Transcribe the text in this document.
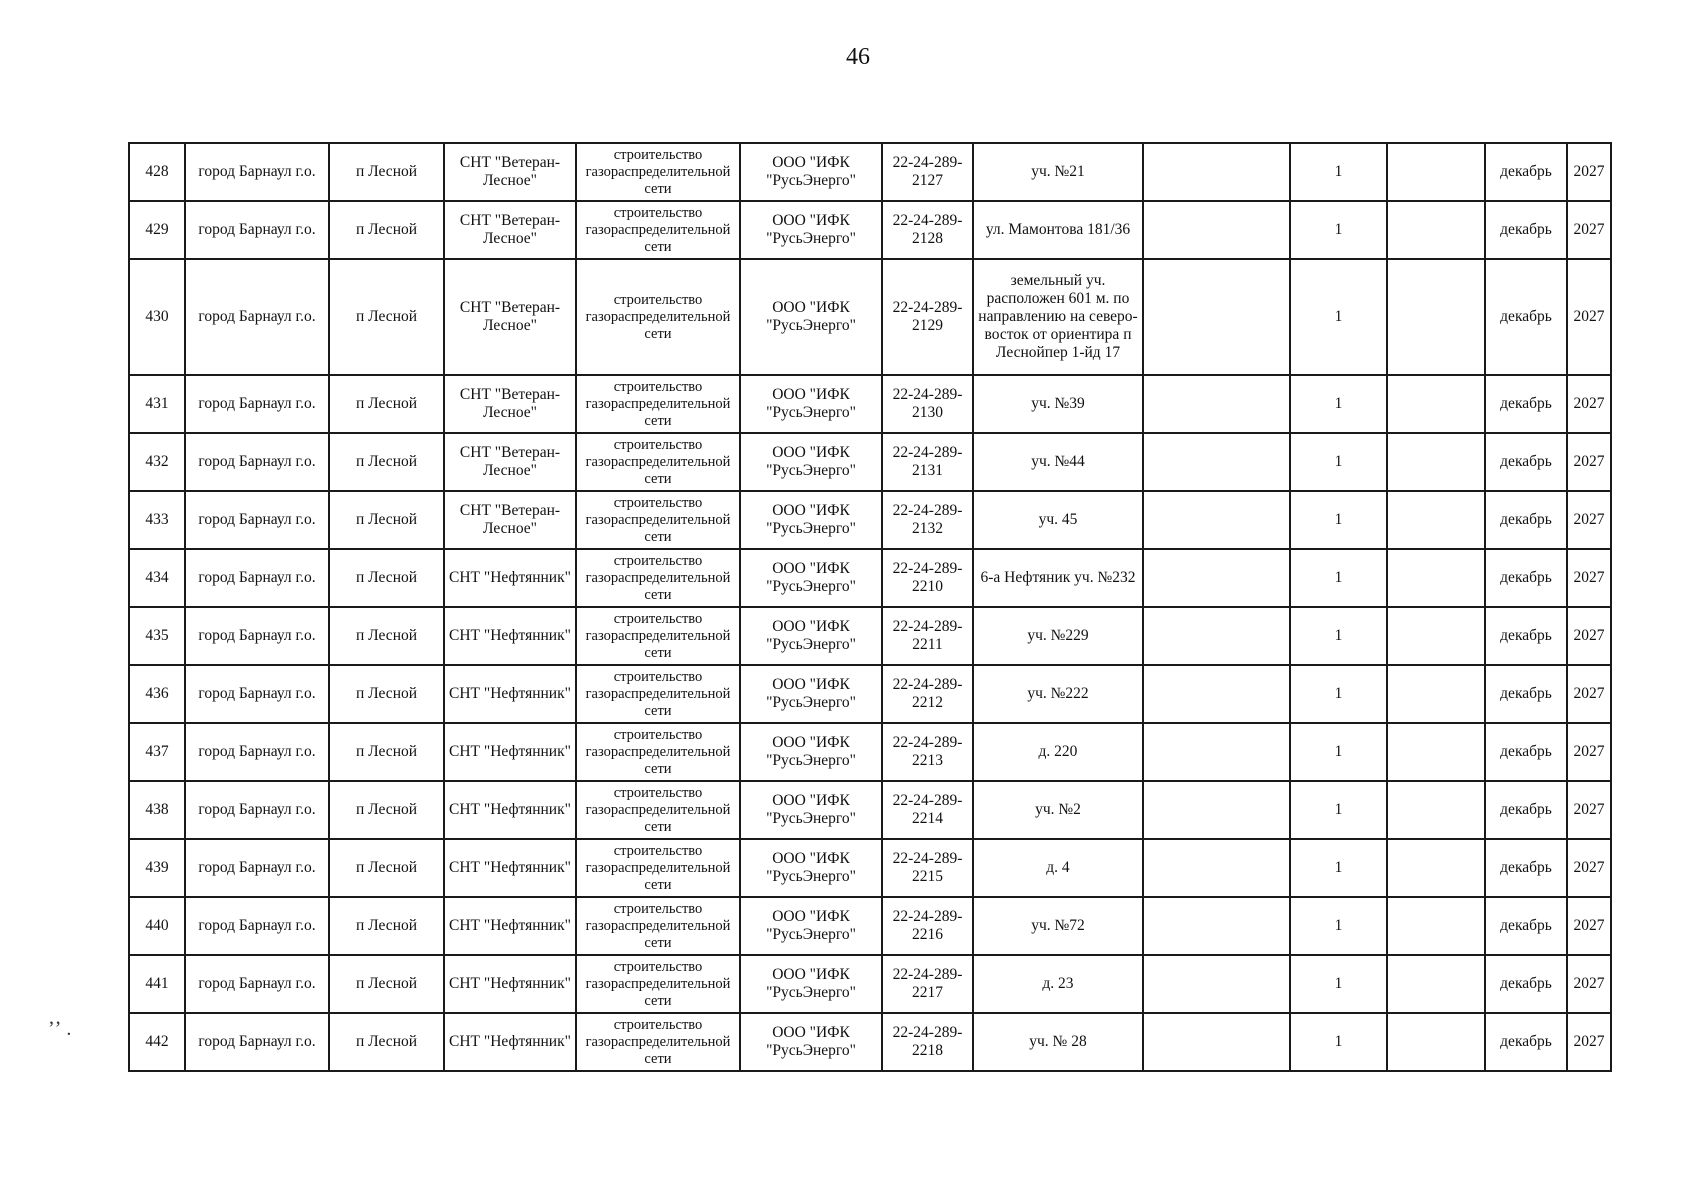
46
428	город Барнаул г.о.	п Лесной	СНТ "Ветеран-Лесное"	строительство газораспределительной сети	ООО "ИФК "РусьЭнерго"	22-24-289-2127	уч. №21		1		декабрь	2027
429	город Барнаул г.о.	п Лесной	СНТ "Ветеран-Лесное"	строительство газораспределительной сети	ООО "ИФК "РусьЭнерго"	22-24-289-2128	ул. Мамонтова 181/36		1		декабрь	2027
430	город Барнаул г.о.	п Лесной	СНТ "Ветеран-Лесное"	строительство газораспределительной сети	ООО "ИФК "РусьЭнерго"	22-24-289-2129	земельный уч. расположен 601 м. по направлению на северо-восток от ориентира п Леснойпер 1-йд 17		1		декабрь	2027
431	город Барнаул г.о.	п Лесной	СНТ "Ветеран-Лесное"	строительство газораспределительной сети	ООО "ИФК "РусьЭнерго"	22-24-289-2130	уч. №39		1		декабрь	2027
432	город Барнаул г.о.	п Лесной	СНТ "Ветеран-Лесное"	строительство газораспределительной сети	ООО "ИФК "РусьЭнерго"	22-24-289-2131	уч. №44		1		декабрь	2027
433	город Барнаул г.о.	п Лесной	СНТ "Ветеран-Лесное"	строительство газораспределительной сети	ООО "ИФК "РусьЭнерго"	22-24-289-2132	уч. 45		1		декабрь	2027
434	город Барнаул г.о.	п Лесной	СНТ "Нефтянник"	строительство газораспределительной сети	ООО "ИФК "РусьЭнерго"	22-24-289-2210	6-а Нефтяник уч. №232		1		декабрь	2027
435	город Барнаул г.о.	п Лесной	СНТ "Нефтянник"	строительство газораспределительной сети	ООО "ИФК "РусьЭнерго"	22-24-289-2211	уч. №229		1		декабрь	2027
436	город Барнаул г.о.	п Лесной	СНТ "Нефтянник"	строительство газораспределительной сети	ООО "ИФК "РусьЭнерго"	22-24-289-2212	уч. №222		1		декабрь	2027
437	город Барнаул г.о.	п Лесной	СНТ "Нефтянник"	строительство газораспределительной сети	ООО "ИФК "РусьЭнерго"	22-24-289-2213	д. 220		1		декабрь	2027
438	город Барнаул г.о.	п Лесной	СНТ "Нефтянник"	строительство газораспределительной сети	ООО "ИФК "РусьЭнерго"	22-24-289-2214	уч. №2		1		декабрь	2027
439	город Барнаул г.о.	п Лесной	СНТ "Нефтянник"	строительство газораспределительной сети	ООО "ИФК "РусьЭнерго"	22-24-289-2215	д. 4		1		декабрь	2027
440	город Барнаул г.о.	п Лесной	СНТ "Нефтянник"	строительство газораспределительной сети	ООО "ИФК "РусьЭнерго"	22-24-289-2216	уч. №72		1		декабрь	2027
441	город Барнаул г.о.	п Лесной	СНТ "Нефтянник"	строительство газораспределительной сети	ООО "ИФК "РусьЭнерго"	22-24-289-2217	д. 23		1		декабрь	2027
442	город Барнаул г.о.	п Лесной	СНТ "Нефтянник"	строительство газораспределительной сети	ООО "ИФК "РусьЭнерго"	22-24-289-2218	уч. № 28		1		декабрь	2027
ʼʼ .
